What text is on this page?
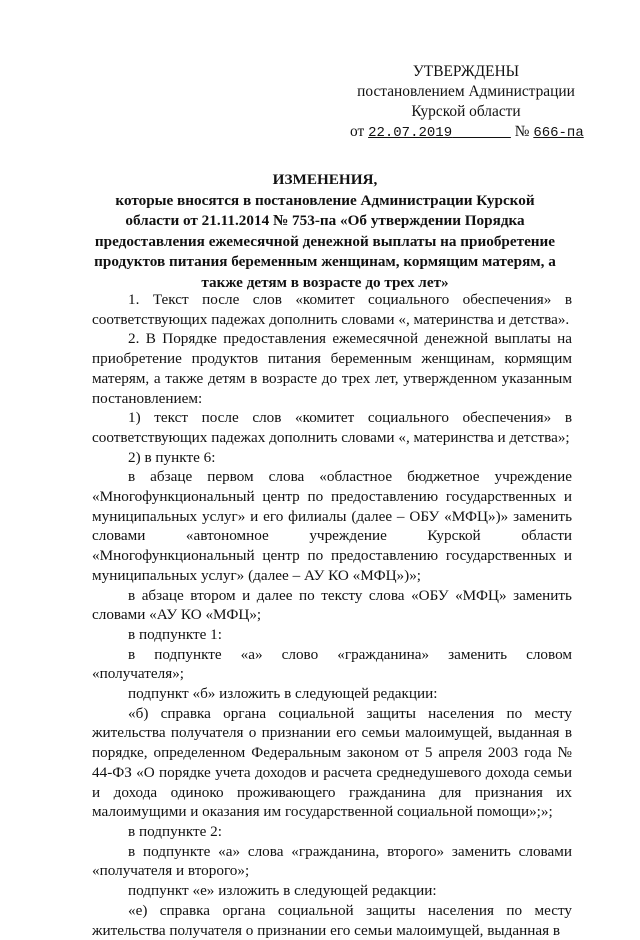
УТВЕРЖДЕНЫ
постановлением Администрации
Курской области
от 22.07.2019	№ 666-па
ИЗМЕНЕНИЯ,
которые вносятся в постановление Администрации Курской
области от 21.11.2014 № 753-па «Об утверждении Порядка
предоставления ежемесячной денежной выплаты на приобретение
продуктов питания беременным женщинам, кормящим матерям, а
также детям в возрасте до трех лет»

1. Текст после слов «комитет социального обеспечения» в соответствующих падежах дополнить словами «, материнства и детства».

2. В Порядке предоставления ежемесячной денежной выплаты на приобретение продуктов питания беременным женщинам, кормящим матерям, а также детям в возрасте до трех лет, утвержденном указанным постановлением:

1) текст после слов «комитет социального обеспечения» в соответствующих падежах дополнить словами «, материнства и детства»;

2) в пункте 6:

в абзаце первом слова «областное бюджетное учреждение «Многофункциональный центр по предоставлению государственных и муниципальных услуг» и его филиалы (далее – ОБУ «МФЦ»)» заменить словами «автономное учреждение Курской области «Многофункциональный центр по предоставлению государственных и муниципальных услуг» (далее – АУ КО «МФЦ»)»;

в абзаце втором и далее по тексту слова «ОБУ «МФЦ» заменить словами «АУ КО «МФЦ»;

в подпункте 1:

в подпункте «а» слово «гражданина» заменить словом «получателя»;

подпункт «б» изложить в следующей редакции:

«б) справка органа социальной защиты населения по месту жительства получателя о признании его семьи малоимущей, выданная в порядке, определенном Федеральным законом от 5 апреля 2003 года № 44-ФЗ «О порядке учета доходов и расчета среднедушевого дохода семьи и дохода одиноко проживающего гражданина для признания их малоимущими и оказания им государственной социальной помощи»;»;

в подпункте 2:

в подпункте «а» слова «гражданина, второго» заменить словами «получателя и второго»;

подпункт «е» изложить в следующей редакции:

«е) справка органа социальной защиты населения по месту жительства получателя о признании его семьи малоимущей, выданная в
